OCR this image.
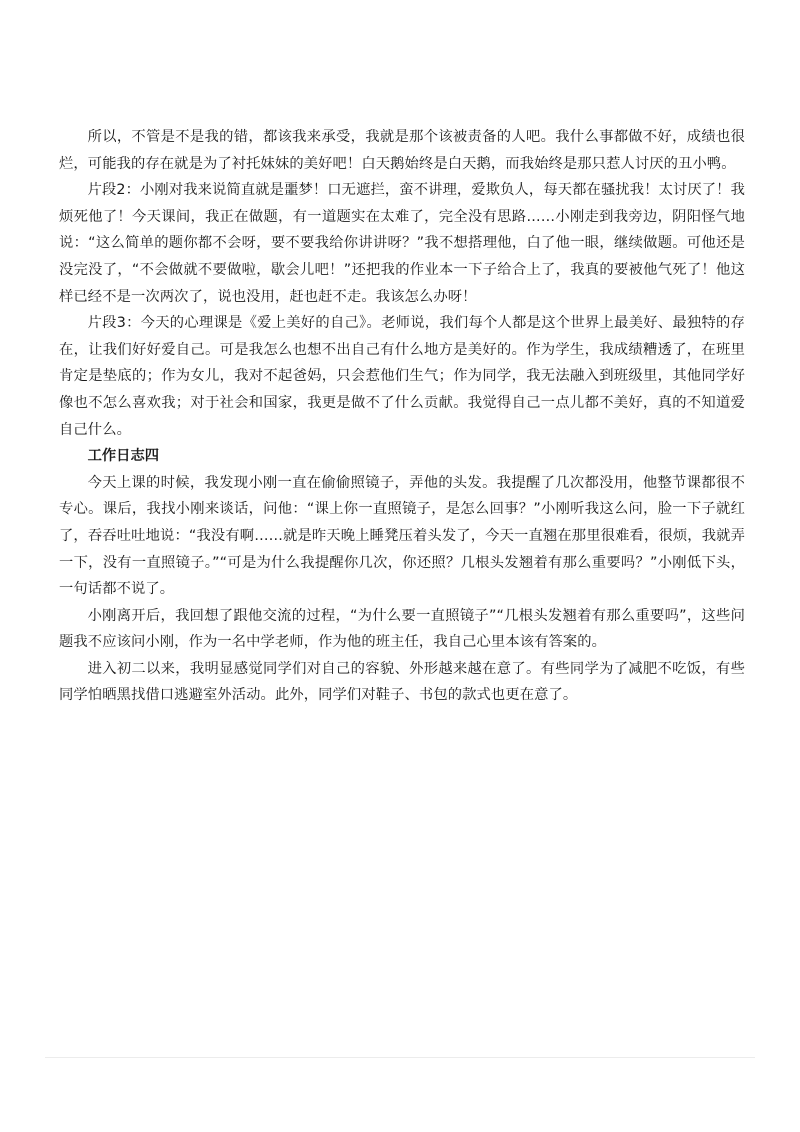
所以，不管是不是我的错，都该我来承受，我就是那个该被责备的人吧。我什么事都做不好，成绩也很烂，可能我的存在就是为了衬托妹妹的美好吧！白天鹅始终是白天鹅，而我始终是那只惹人讨厌的丑小鸭。

片段2：小刚对我来说简直就是噩梦！口无遮拦，蛮不讲理，爱欺负人，每天都在骚扰我！太讨厌了！我烦死他了！今天课间，我正在做题，有一道题实在太难了，完全没有思路……小刚走到我旁边，阴阳怪气地说：“这么简单的题你都不会呀，要不要我给你讲讲呀？”我不想搭理他，白了他一眼，继续做题。可他还是没完没了，“不会做就不要做啦，歇会儿吧！”还把我的作业本一下子给合上了，我真的要被他气死了！他这样已经不是一次两次了，说也没用，赶也赶不走。我该怎么办呀！

片段3：今天的心理课是《爱上美好的自己》。老师说，我们每个人都是这个世界上最美好、最独特的存在，让我们好好爱自己。可是我怎么也想不出自己有什么地方是美好的。作为学生，我成绩糟透了，在班里肯定是垫底的；作为女儿，我对不起爸妈，只会惹他们生气；作为同学，我无法融入到班级里，其他同学好像也不怎么喜欢我；对于社会和国家，我更是做不了什么贡献。我觉得自己一点儿都不美好，真的不知道爱自己什么。

工作日志四

今天上课的时候，我发现小刚一直在偷偷照镜子，弄他的头发。我提醒了几次都没用，他整节课都很不专心。课后，我找小刚来谈话，问他：“课上你一直照镜子，是怎么回事？”小刚听我这么问，脸一下子就红了，吞吞吐吐地说：“我没有啊……就是昨天晚上睡凳压着头发了，今天一直翘在那里很难看，很烦，我就弄一下，没有一直照镜子。”“可是为什么我提醒你几次，你还照？几根头发翘着有那么重要吗？”小刚低下头，一句话都不说了。

小刚离开后，我回想了跟他交流的过程，“为什么要一直照镜子”“几根头发翘着有那么重要吗”，这些问题我不应该问小刚，作为一名中学老师，作为他的班主任，我自己心里本该有答案的。

进入初二以来，我明显感觉同学们对自己的容貌、外形越来越在意了。有些同学为了减肥不吃饭，有些同学怕晒黑找借口逃避室外活动。此外，同学们对鞋子、书包的款式也更在意了。
